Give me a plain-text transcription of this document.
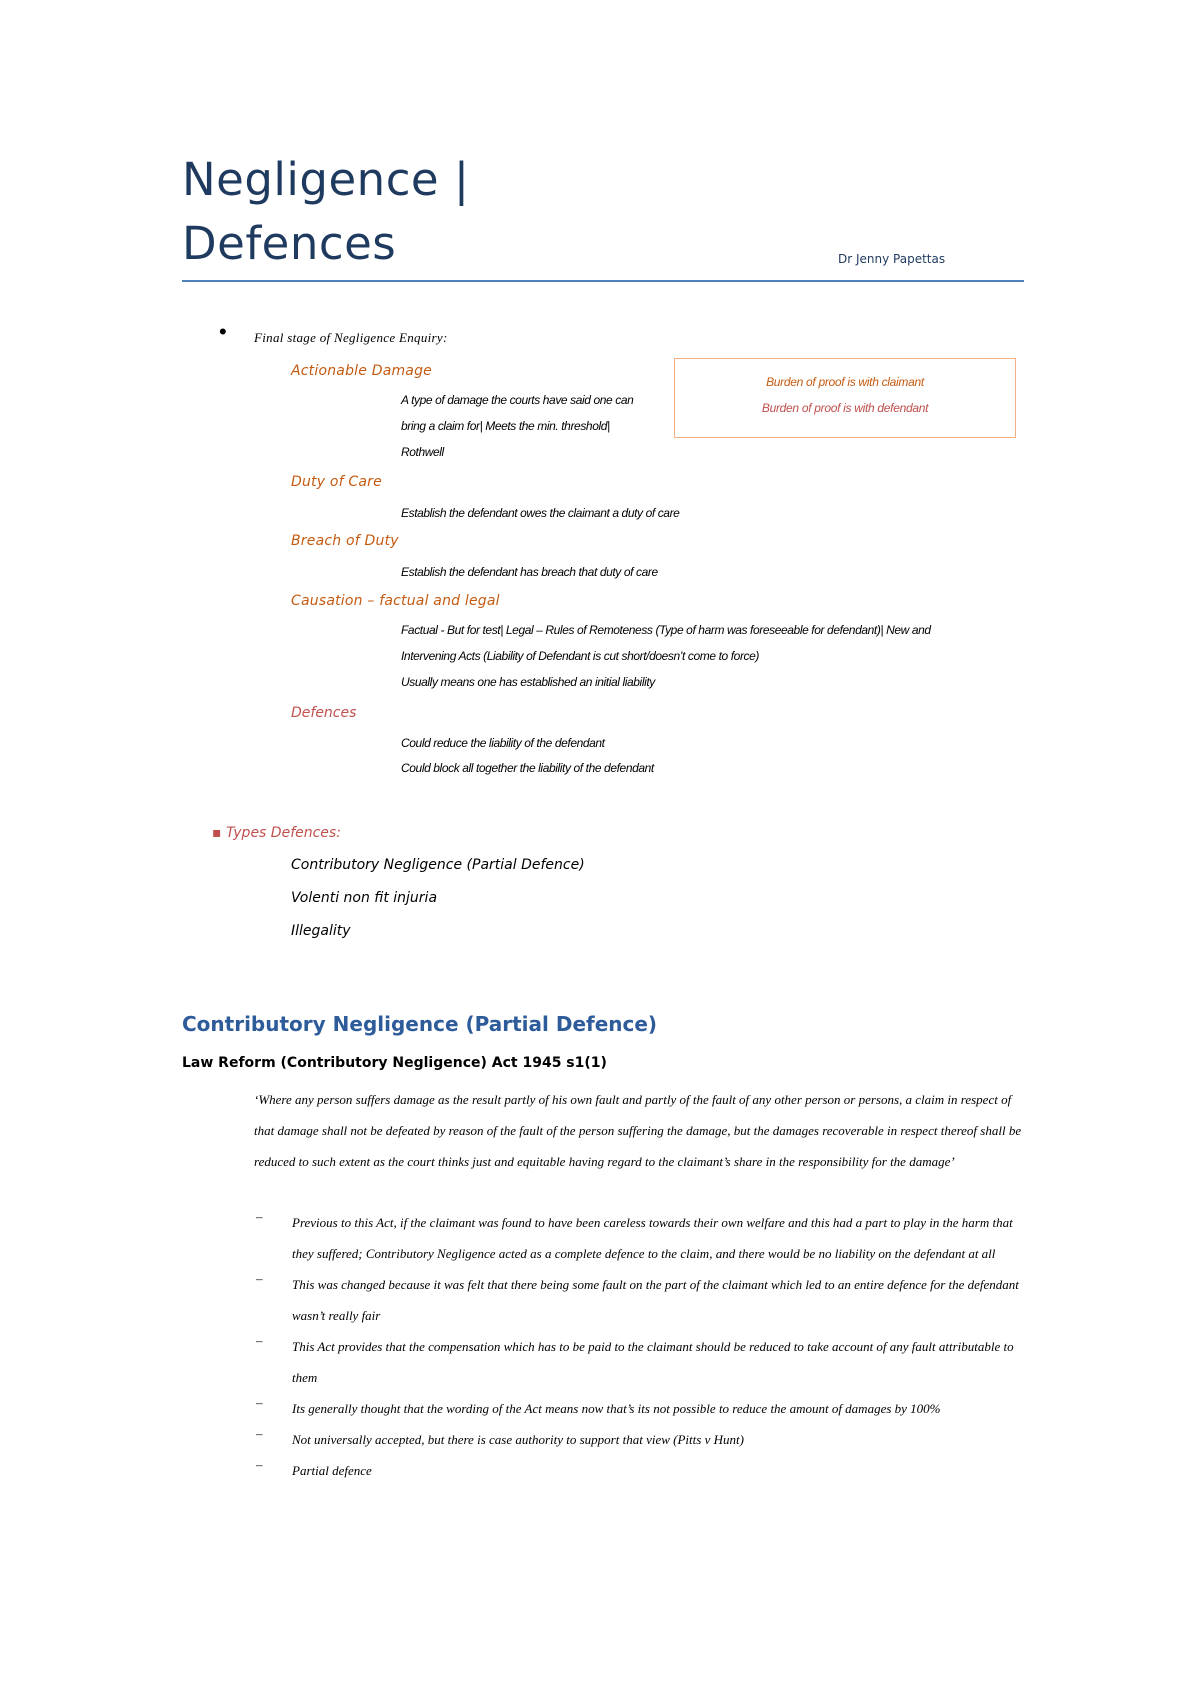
Negligence |
Defences	Dr Jenny Papettas
• Final stage of Negligence Enquiry:
Actionable Damage
A type of damage the courts have said one can
bring a claim for| Meets the min. threshold|
Rothwell
Duty of Care
Establish the defendant owes the claimant a duty of care
Breach of Duty
Establish the defendant has breach that duty of care
Causation – factual and legal
Factual - But for test| Legal – Rules of Remoteness (Type of harm was foreseeable for defendant)| New and
Intervening Acts (Liability of Defendant is cut short/doesn’t come to force)
Usually means one has established an initial liability
Defences
Could reduce the liability of the defendant
Could block all together the liability of the defendant
Burden of proof is with claimant
Burden of proof is with defendant
▪ Types Defences:
Contributory Negligence (Partial Defence)
Volenti non fit injuria
Illegality
Contributory Negligence (Partial Defence)
Law Reform (Contributory Negligence) Act 1945 s1(1)
‘Where any person suffers damage as the result partly of his own fault and partly of the fault of any other person or persons, a claim in respect of that damage shall not be defeated by reason of the fault of the person suffering the damage, but the damages recoverable in respect thereof shall be reduced to such extent as the court thinks just and equitable having regard to the claimant’s share in the responsibility for the damage’
– Previous to this Act, if the claimant was found to have been careless towards their own welfare and this had a part to play in the harm that they suffered; Contributory Negligence acted as a complete defence to the claim, and there would be no liability on the defendant at all
– This was changed because it was felt that there being some fault on the part of the claimant which led to an entire defence for the defendant wasn’t really fair
– This Act provides that the compensation which has to be paid to the claimant should be reduced to take account of any fault attributable to them
– Its generally thought that the wording of the Act means now that’s its not possible to reduce the amount of damages by 100%
– Not universally accepted, but there is case authority to support that view (Pitts v Hunt)
– Partial defence
